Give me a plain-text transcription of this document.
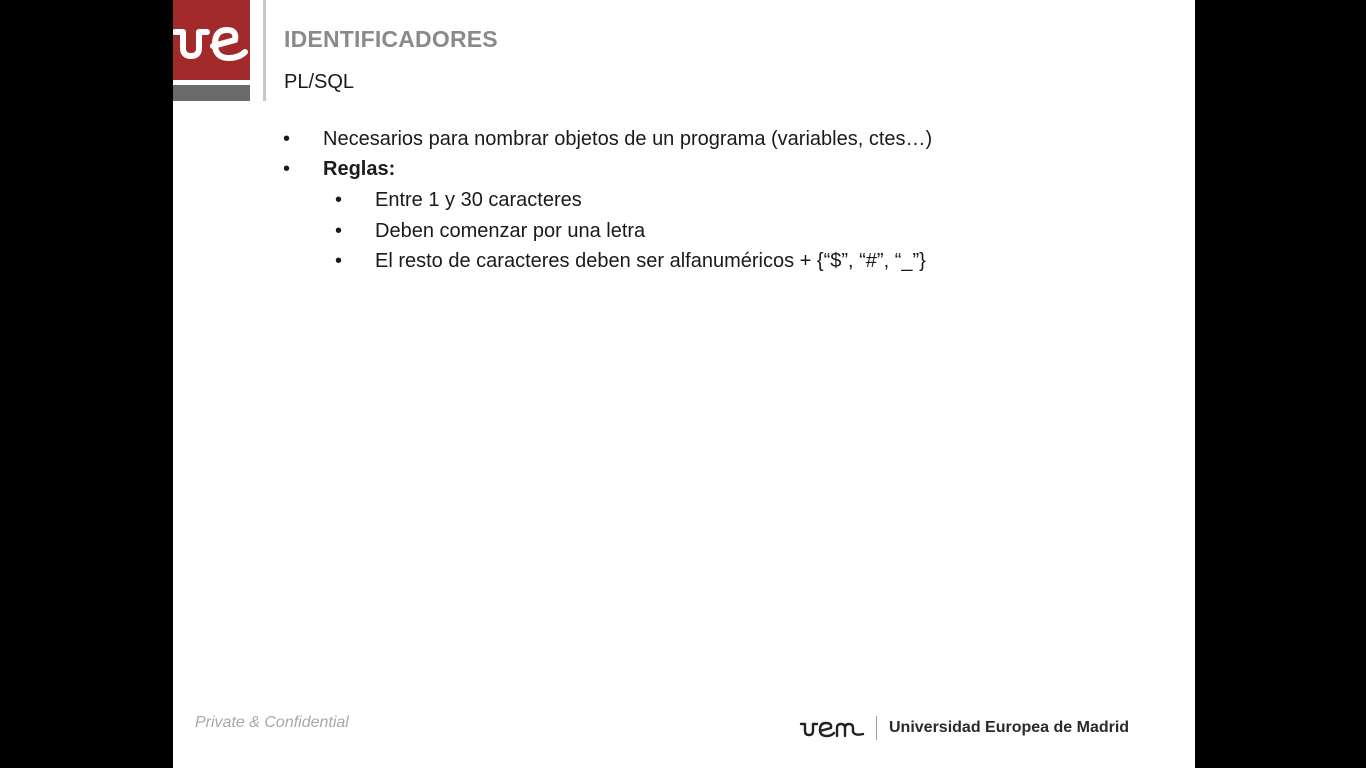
IDENTIFICADORES
PL/SQL
• Necesarios para nombrar objetos de un programa (variables, ctes…)
• Reglas:
• Entre 1 y 30 caracteres
• Deben comenzar por una letra
• El resto de caracteres deben ser alfanuméricos + {“$”, “#”, “_”}
Private & Confidential	Universidad Europea de Madrid
